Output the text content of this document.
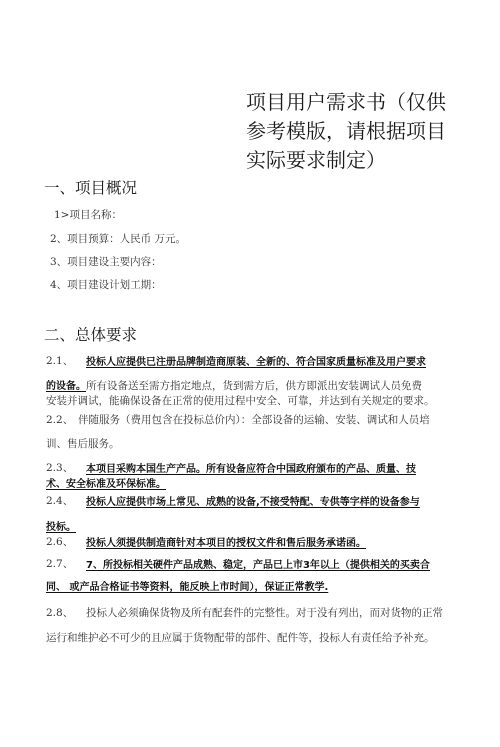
项目用户需求书（仅供
参考模版，请根据项目
实际要求制定）
一、项目概况
1>项目名称：
2、项目预算：人民币 万元。
3、项目建设主要内容：
4、项目建设计划工期：
二、总体要求
2.1、 投标人应提供已注册品牌制造商原装、全新的、符合国家质量标准及用户要求
的设备。所有设备送至需方指定地点，货到需方后，供方即派出安装调试人员免费
安装并调试，能确保设备在正常的使用过程中安全、可靠，并达到有关规定的要求。
2.2、 伴随服务（费用包含在投标总价内）：全部设备的运输、安装、调试和人员培
训、售后服务。
2.3、 本项目采购本国生产产品。所有设备应符合中国政府颁布的产品、质量、技
术、安全标准及环保标准。
2.4、 投标人应提供市场上常见、成熟的设备,不接受特配、专供等字样的设备参与
投标。
2.6、 投标人须提供制造商针对本项目的授权文件和售后服务承诺函。
2.7、 7、所投标相关硬件产品成熟、稳定，产品已上市3年以上（提供相关的买卖合
同、 或产品合格证书等资料，能反映上市时间），保证正常教学.
2.8、 投标人必须确保货物及所有配套件的完整性。对于没有列出，而对货物的正常
运行和维护必不可少的且应属于货物配带的部件、配件等，投标人有责任给予补充。
